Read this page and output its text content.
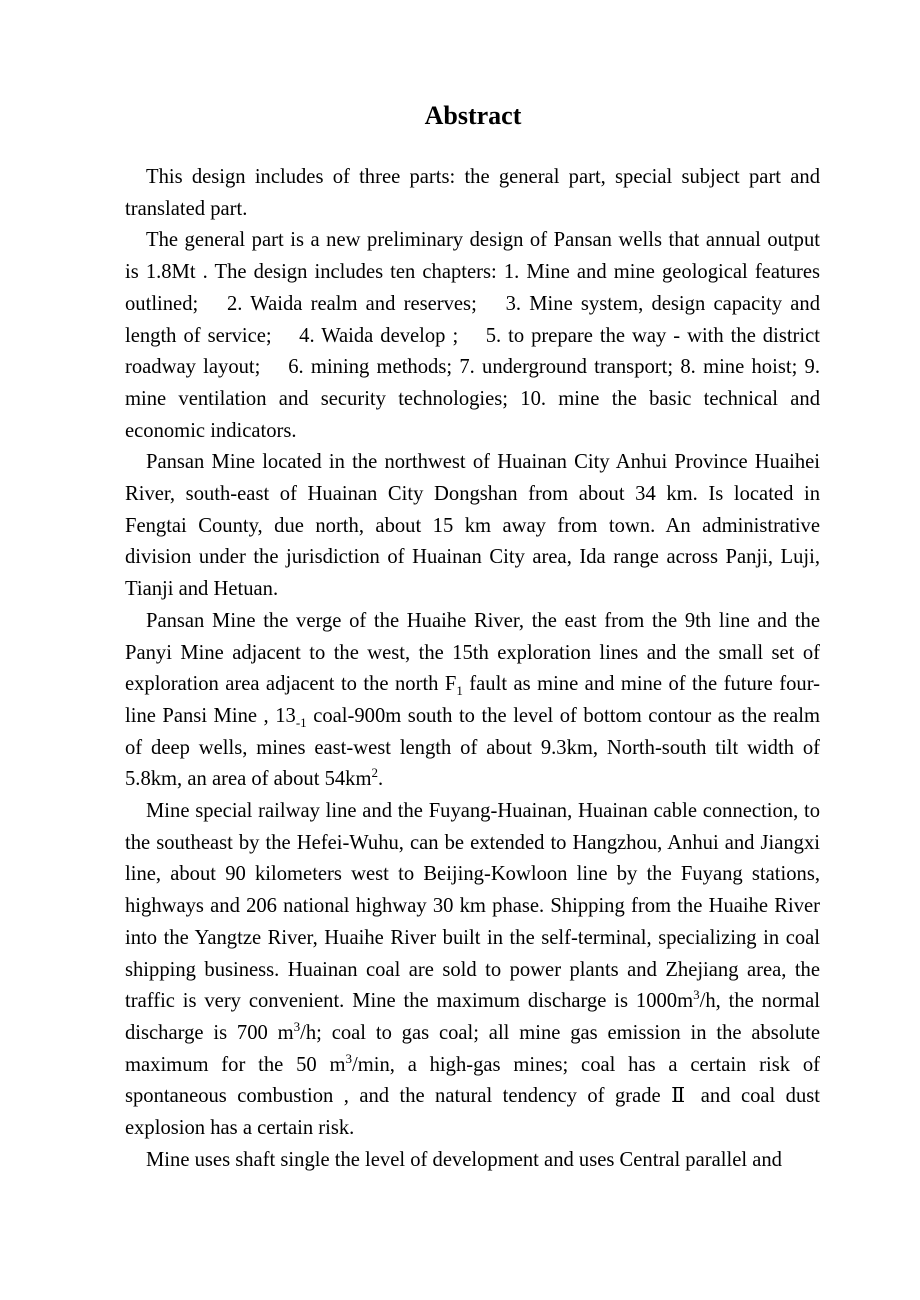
Abstract

This design includes of three parts: the general part, special subject part and translated part.

The general part is a new preliminary design of Pansan wells that annual output is 1.8Mt . The design includes ten chapters: 1. Mine and mine geological features outlined;  2. Waida realm and reserves;  3. Mine system, design capacity and length of service;  4. Waida develop ;  5. to prepare the way - with the district roadway layout;  6. mining methods; 7. underground transport; 8. mine hoist; 9. mine ventilation and security technologies; 10. mine the basic technical and economic indicators.

Pansan Mine located in the northwest of Huainan City Anhui Province Huaihei River, south-east of Huainan City Dongshan from about 34 km. Is located in Fengtai County, due north, about 15 km away from town. An administrative division under the jurisdiction of Huainan City area, Ida range across Panji, Luji, Tianji and Hetuan.

Pansan Mine the verge of the Huaihe River, the east from the 9th line and the Panyi Mine adjacent to the west, the 15th exploration lines and the small set of exploration area adjacent to the north $F_1$ fault as mine and mine of the future four-line Pansi Mine , $13_{-1}$ coal-900m south to the level of bottom contour as the realm of deep wells, mines east-west length of about 9.3km, North-south tilt width of 5.8km, an area of about $54km^2$.

Mine special railway line and the Fuyang-Huainan, Huainan cable connection, to the southeast by the Hefei-Wuhu, can be extended to Hangzhou, Anhui and Jiangxi line, about 90 kilometers west to Beijing-Kowloon line by the Fuyang stations, highways and 206 national highway 30 km phase. Shipping from the Huaihe River into the Yangtze River, Huaihe River built in the self-terminal, specializing in coal shipping business. Huainan coal are sold to power plants and Zhejiang area, the traffic is very convenient. Mine the maximum discharge is $1000m^3/h$, the normal discharge is 700 $m^3/h$; coal to gas coal; all mine gas emission in the absolute maximum for the 50 $m^3/\min$, a high-gas mines; coal has a certain risk of spontaneous combustion , and the natural tendency of grade Ⅱ and coal dust explosion has a certain risk.

Mine uses shaft single the level of development and uses Central parallel and
